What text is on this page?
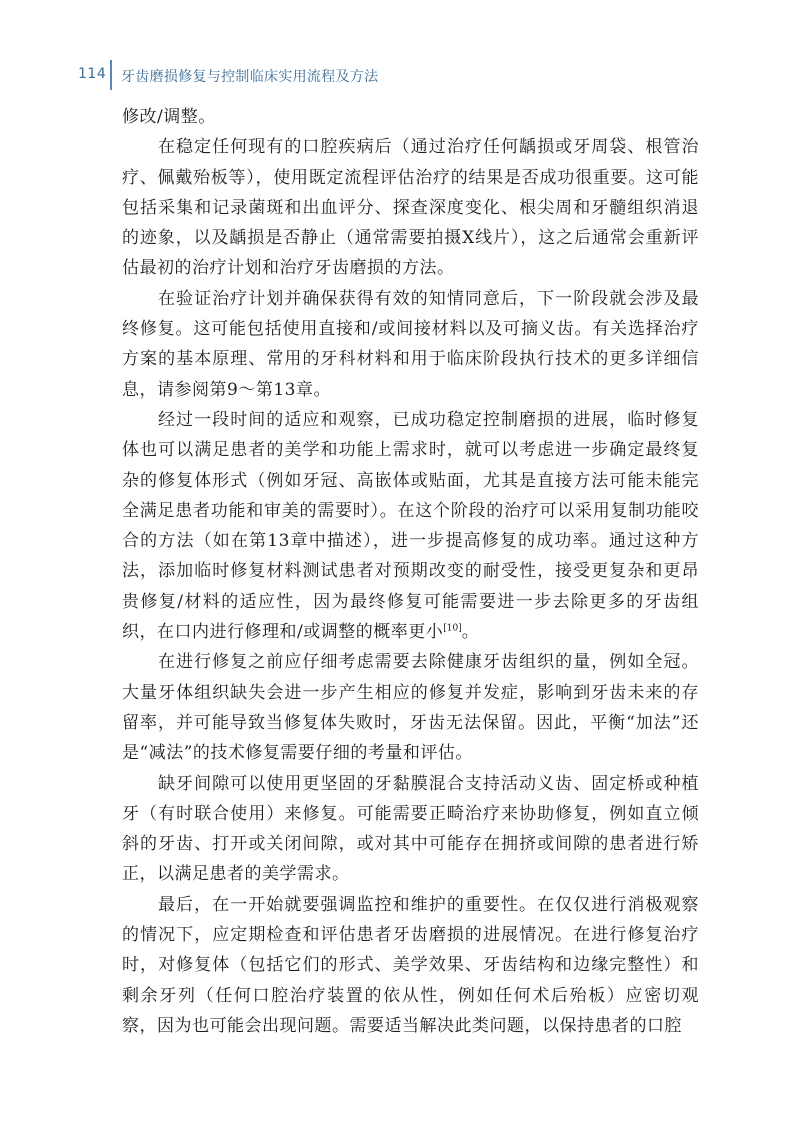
114 牙齿磨损修复与控制临床实用流程及方法

修改/调整。

在稳定任何现有的口腔疾病后（通过治疗任何龋损或牙周袋、根管治疗、佩戴殆板等），使用既定流程评估治疗的结果是否成功很重要。这可能包括采集和记录菌斑和出血评分、探查深度变化、根尖周和牙髓组织消退的迹象，以及龋损是否静止（通常需要拍摄X线片），这之后通常会重新评估最初的治疗计划和治疗牙齿磨损的方法。

在验证治疗计划并确保获得有效的知情同意后，下一阶段就会涉及最终修复。这可能包括使用直接和/或间接材料以及可摘义齿。有关选择治疗方案的基本原理、常用的牙科材料和用于临床阶段执行技术的更多详细信息，请参阅第9～第13章。

经过一段时间的适应和观察，已成功稳定控制磨损的进展，临时修复体也可以满足患者的美学和功能上需求时，就可以考虑进一步确定最终复杂的修复体形式（例如牙冠、高嵌体或贴面，尤其是直接方法可能未能完全满足患者功能和审美的需要时）。在这个阶段的治疗可以采用复制功能咬合的方法（如在第13章中描述），进一步提高修复的成功率。通过这种方法，添加临时修复材料测试患者对预期改变的耐受性，接受更复杂和更昂贵修复/材料的适应性，因为最终修复可能需要进一步去除更多的牙齿组织，在口内进行修理和/或调整的概率更小[10]。

在进行修复之前应仔细考虑需要去除健康牙齿组织的量，例如全冠。大量牙体组织缺失会进一步产生相应的修复并发症，影响到牙齿未来的存留率，并可能导致当修复体失败时，牙齿无法保留。因此，平衡“加法”还是“减法”的技术修复需要仔细的考量和评估。

缺牙间隙可以使用更坚固的牙黏膜混合支持活动义齿、固定桥或种植牙（有时联合使用）来修复。可能需要正畸治疗来协助修复，例如直立倾斜的牙齿、打开或关闭间隙，或对其中可能存在拥挤或间隙的患者进行矫正，以满足患者的美学需求。

最后，在一开始就要强调监控和维护的重要性。在仅仅进行消极观察的情况下，应定期检查和评估患者牙齿磨损的进展情况。在进行修复治疗时，对修复体（包括它们的形式、美学效果、牙齿结构和边缘完整性）和剩余牙列（任何口腔治疗装置的依从性，例如任何术后殆板）应密切观察，因为也可能会出现问题。需要适当解决此类问题，以保持患者的口腔
